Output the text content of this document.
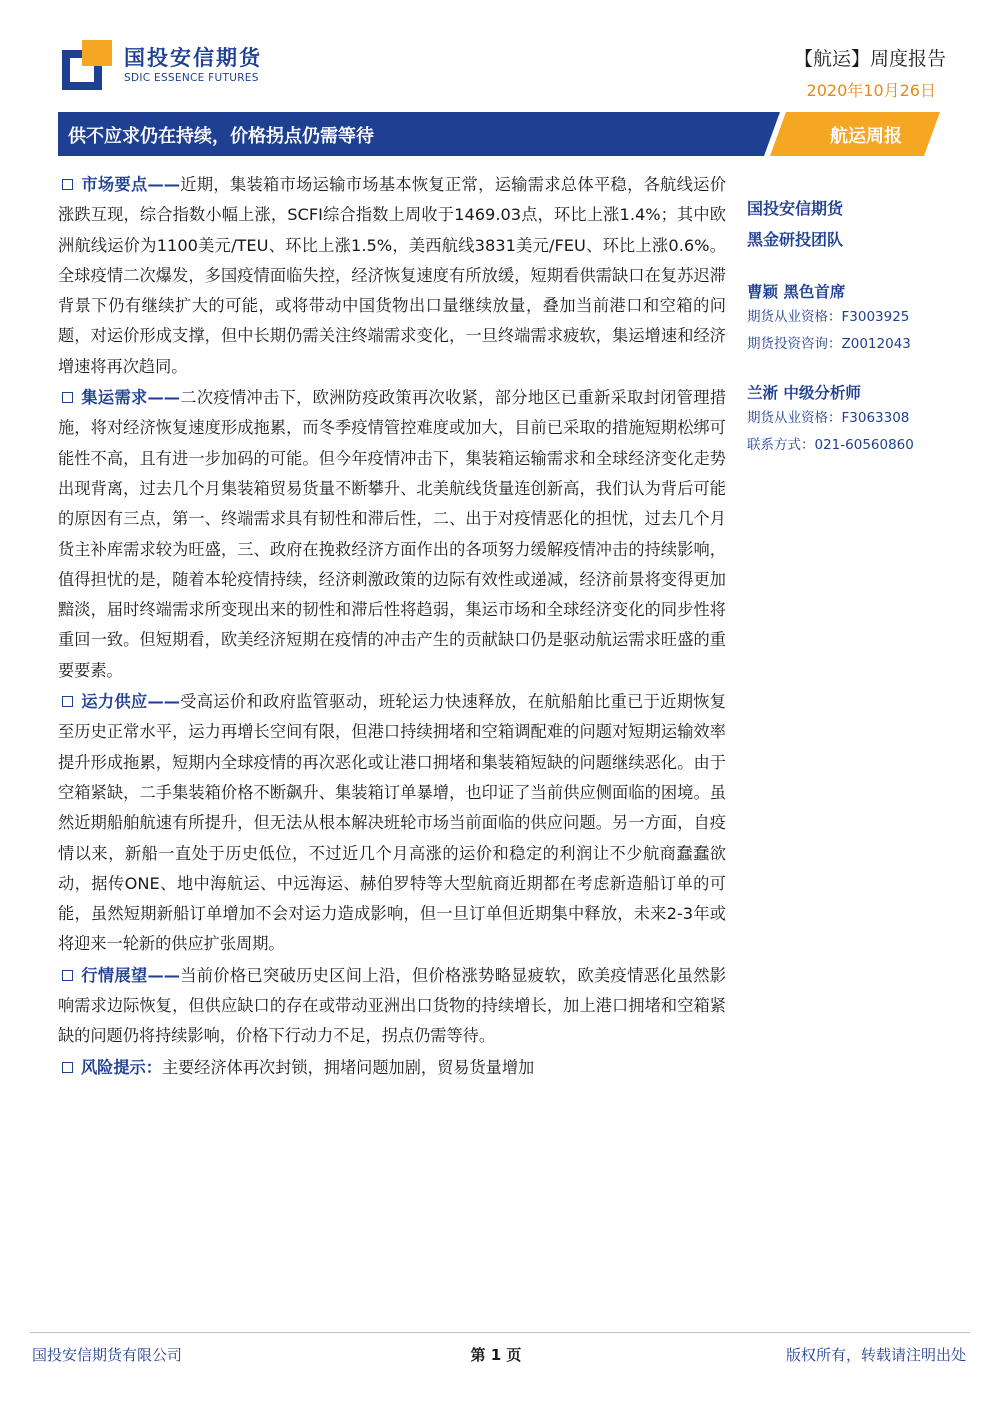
国投安信期货
SDIC ESSENCE FUTURES
【航运】周度报告
2020年10月26日
供不应求仍在持续，价格拐点仍需等待	航运周报

市场要点——近期，集装箱市场运输市场基本恢复正常，运输需求总体平稳，各航线运价涨跌互现，综合指数小幅上涨，SCFI综合指数上周收于1469.03点，环比上涨1.4%；其中欧洲航线运价为1100美元/TEU、环比上涨1.5%，美西航线3831美元/FEU、环比上涨0.6%。全球疫情二次爆发，多国疫情面临失控，经济恢复速度有所放缓，短期看供需缺口在复苏迟滞背景下仍有继续扩大的可能，或将带动中国货物出口量继续放量，叠加当前港口和空箱的问题，对运价形成支撑，但中长期仍需关注终端需求变化，一旦终端需求疲软，集运增速和经济增速将再次趋同。

集运需求——二次疫情冲击下，欧洲防疫政策再次收紧，部分地区已重新采取封闭管理措施，将对经济恢复速度形成拖累，而冬季疫情管控难度或加大，目前已采取的措施短期松绑可能性不高，且有进一步加码的可能。但今年疫情冲击下，集装箱运输需求和全球经济变化走势出现背离，过去几个月集装箱贸易货量不断攀升、北美航线货量连创新高，我们认为背后可能的原因有三点，第一、终端需求具有韧性和滞后性，二、出于对疫情恶化的担忧，过去几个月货主补库需求较为旺盛，三、政府在挽救经济方面作出的各项努力缓解疫情冲击的持续影响，值得担忧的是，随着本轮疫情持续，经济刺激政策的边际有效性或递减，经济前景将变得更加黯淡，届时终端需求所变现出来的韧性和滞后性将趋弱，集运市场和全球经济变化的同步性将重回一致。但短期看，欧美经济短期在疫情的冲击产生的贡献缺口仍是驱动航运需求旺盛的重要要素。

运力供应——受高运价和政府监管驱动，班轮运力快速释放，在航船舶比重已于近期恢复至历史正常水平，运力再增长空间有限，但港口持续拥堵和空箱调配难的问题对短期运输效率提升形成拖累，短期内全球疫情的再次恶化或让港口拥堵和集装箱短缺的问题继续恶化。由于空箱紧缺，二手集装箱价格不断飙升、集装箱订单暴增，也印证了当前供应侧面临的困境。虽然近期船舶航速有所提升，但无法从根本解决班轮市场当前面临的供应问题。另一方面，自疫情以来，新船一直处于历史低位，不过近几个月高涨的运价和稳定的利润让不少航商蠢蠢欲动，据传ONE、地中海航运、中远海运、赫伯罗特等大型航商近期都在考虑新造船订单的可能，虽然短期新船订单增加不会对运力造成影响，但一旦订单但近期集中释放，未来2-3年或将迎来一轮新的供应扩张周期。

行情展望——当前价格已突破历史区间上沿，但价格涨势略显疲软，欧美疫情恶化虽然影响需求边际恢复，但供应缺口的存在或带动亚洲出口货物的持续增长，加上港口拥堵和空箱紧缺的问题仍将持续影响，价格下行动力不足，拐点仍需等待。

风险提示：主要经济体再次封锁，拥堵问题加剧，贸易货量增加

国投安信期货
黑金研投团队
曹颖 黑色首席
期货从业资格：F3003925
期货投资咨询：Z0012043
兰淅 中级分析师
期货从业资格：F3063308
联系方式：021-60560860
国投安信期货有限公司	第 1 页	版权所有，转载请注明出处
